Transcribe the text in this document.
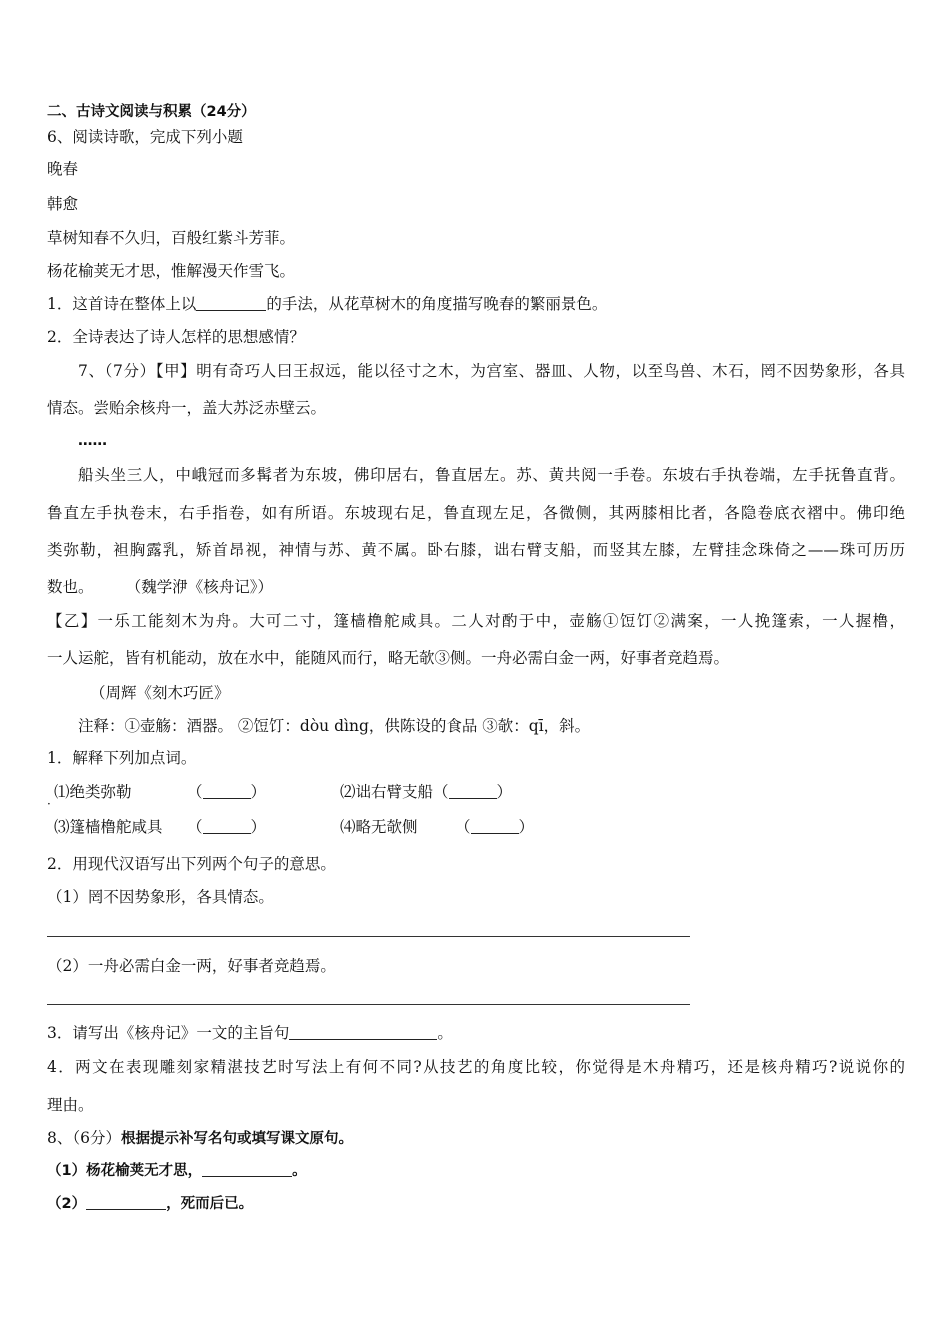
二、古诗文阅读与积累（24分）
6、阅读诗歌，完成下列小题
晚春
韩愈
草树知春不久归，百般红紫斗芳菲。
杨花榆荚无才思，惟解漫天作雪飞。
1．这首诗在整体上以	的手法，从花草树木的角度描写晚春的繁丽景色。
2．全诗表达了诗人怎样的思想感情？
7、（7分）【甲】明有奇巧人曰王叔远，能以径寸之木，为宫室、器皿、人物，以至鸟兽、木石，罔不因势象形，各具
情态。尝贻余核舟一，盖大苏泛赤壁云。
……
船头坐三人，中峨冠而多髯者为东坡，佛印居右，鲁直居左。苏、黄共阅一手卷。东坡右手执卷端，左手抚鲁直背。
鲁直左手执卷末，右手指卷，如有所语。东坡现右足，鲁直现左足，各微侧，其两膝相比者，各隐卷底衣褶中。佛印绝
类弥勒，袒胸露乳，矫首昂视，神情与苏、黄不属。卧右膝，诎右臂支船，而竖其左膝，左臂挂念珠倚之——珠可历历
数也。	（魏学洢《核舟记》）
【乙】一乐工能刻木为舟。大可二寸，篷樯橹舵咸具。二人对酌于中，壶觞①饾饤②满案，一人挽篷索，一人握橹，
一人运舵，皆有机能动，放在水中，能随风而行，略无欹③侧。一舟必需白金一两，好事者竞趋焉。
（周辉《刻木巧匠》
注释：①壶觞：酒器。 ②饾饤：dòu dìng，供陈设的食品 ③欹：qī，斜。
1．解释下列加点词。
·
⑴绝类弥勒	（	）	⑵诎右臂支船（	）
⑶篷樯橹舵咸具 （	）	⑷略无欹侧 （	）
2．用现代汉语写出下列两个句子的意思。
（1）罔不因势象形，各具情态。
（2）一舟必需白金一两，好事者竞趋焉。
3．请写出《核舟记》一文的主旨句	。
4．两文在表现雕刻家精湛技艺时写法上有何不同?从技艺的角度比较，你觉得是木舟精巧，还是核舟精巧?说说你的
理由。
8、（6分）根据提示补写名句或填写课文原句。
（1）杨花榆荚无才思，	。
（2）	，死而后已。
